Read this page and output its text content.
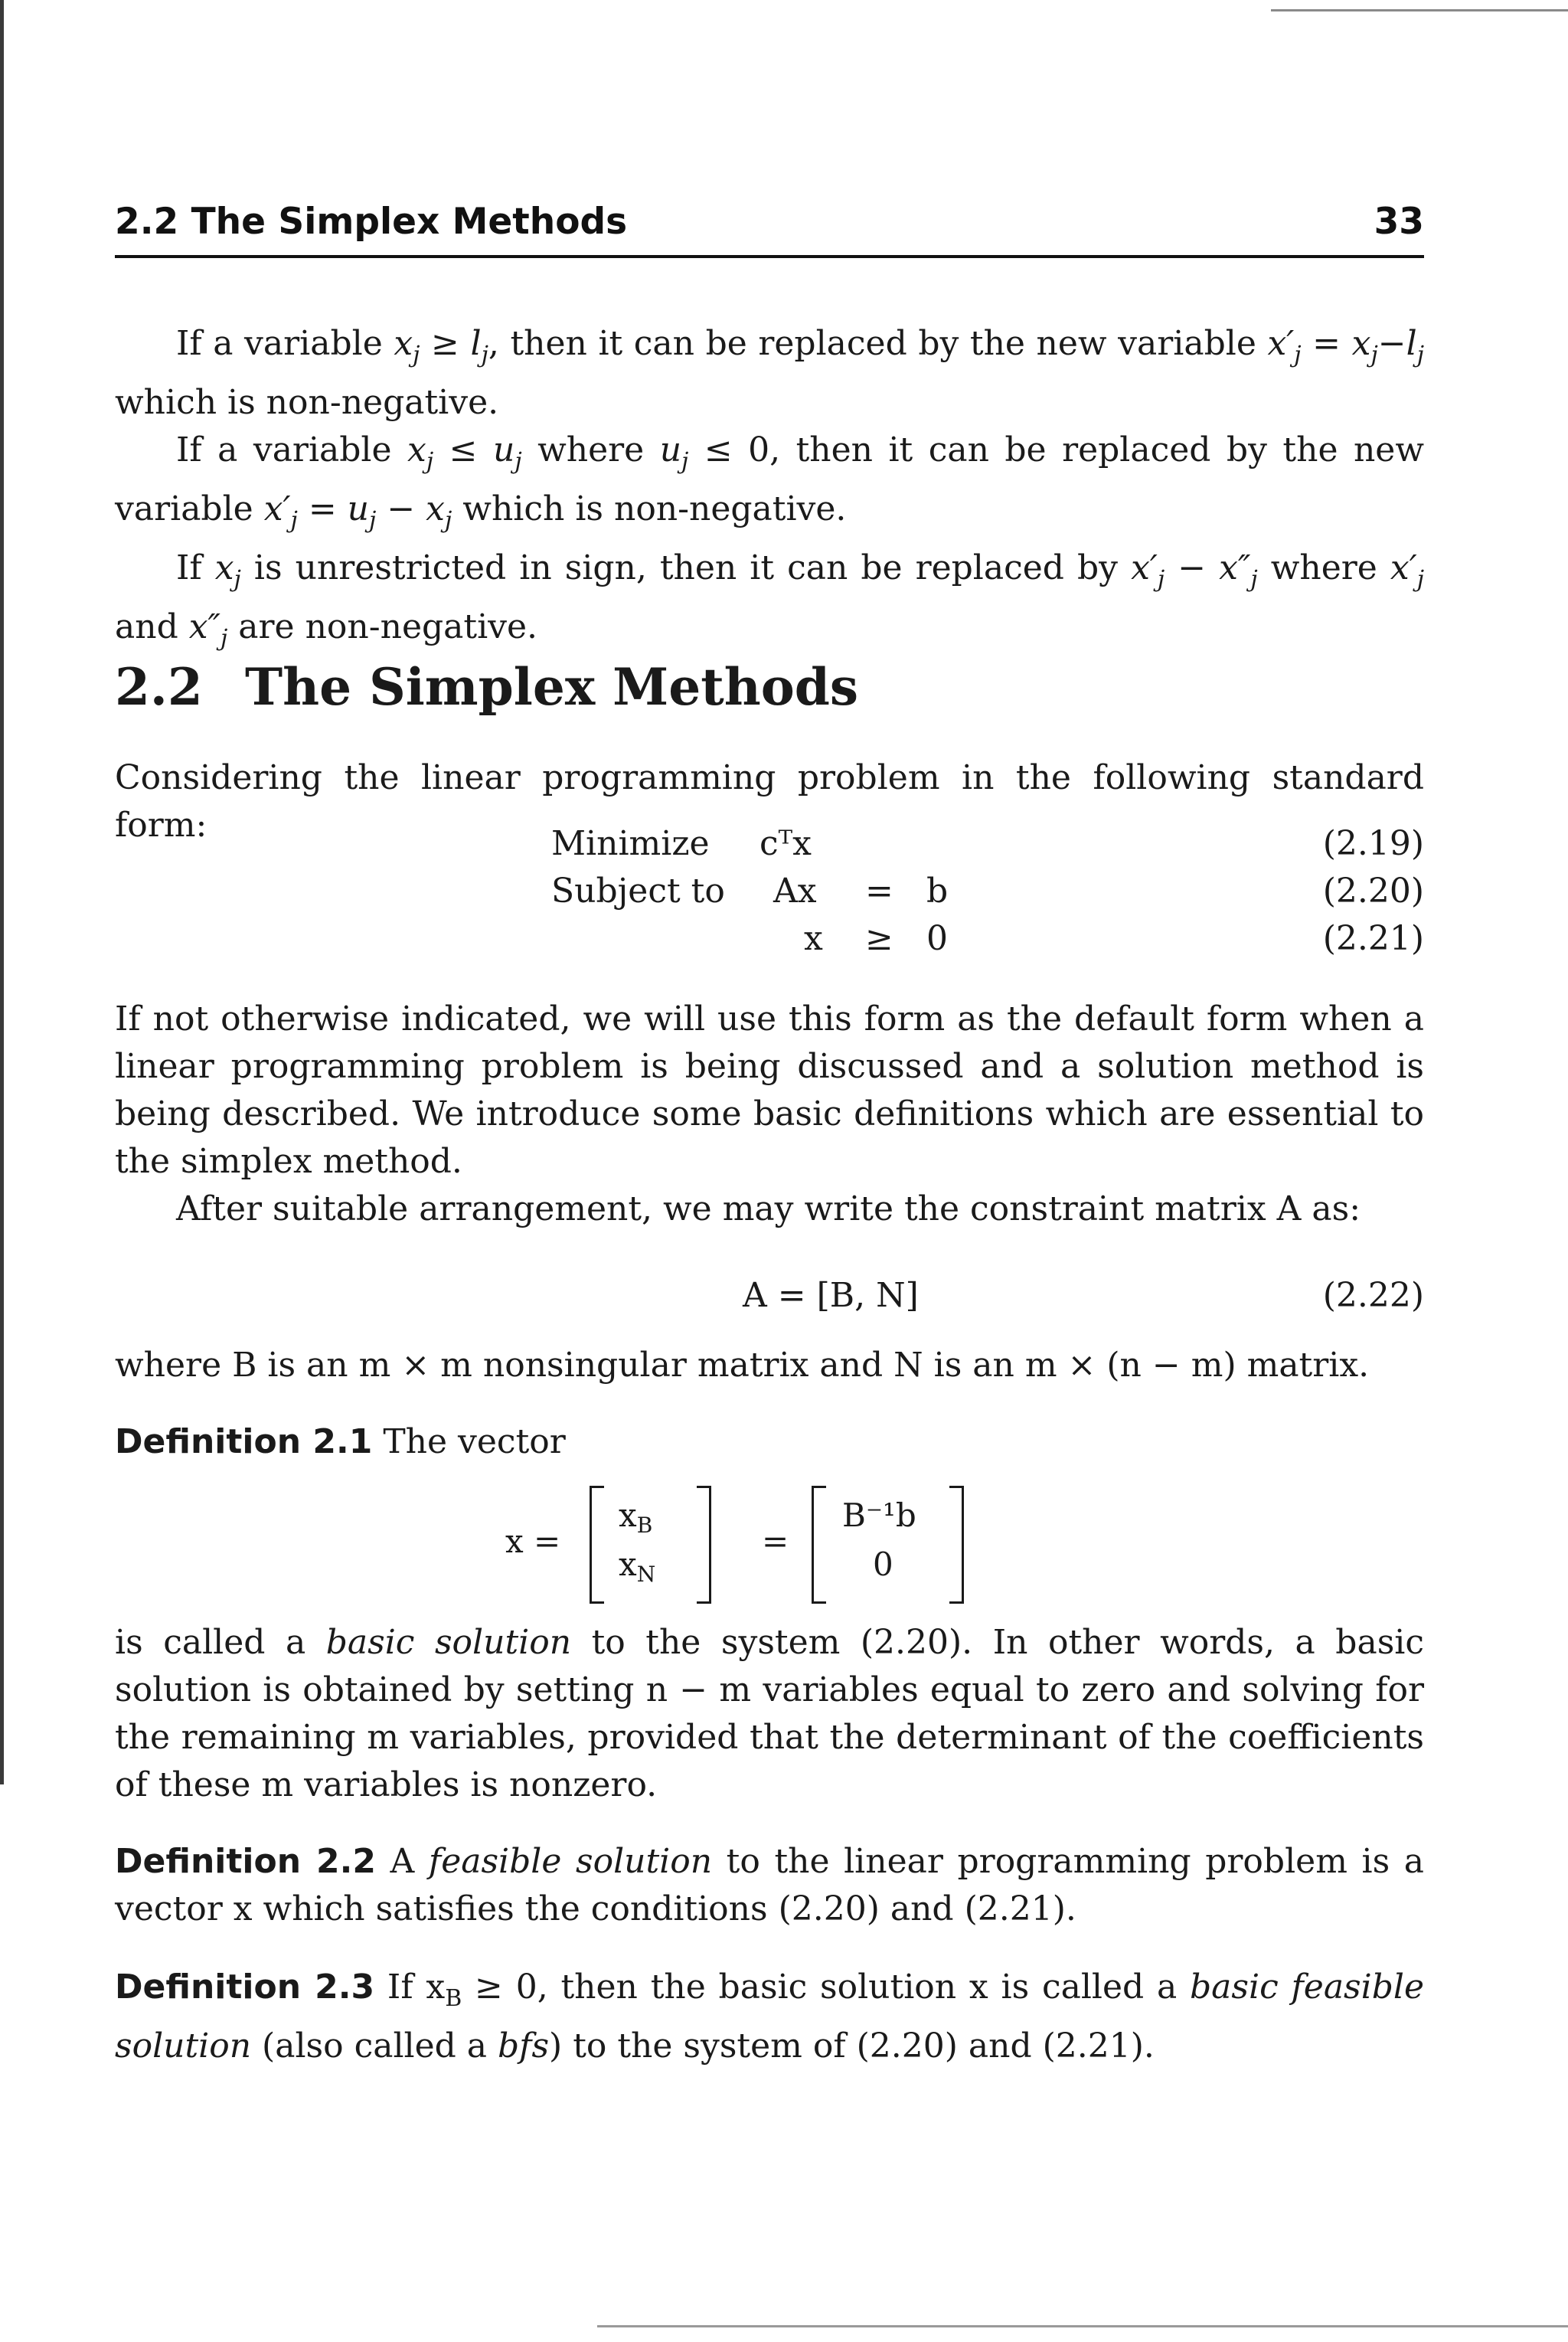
2.2 The Simplex Methods	33

If a variable $x_j \ge l_j$, then it can be replaced by the new variable $x'_j = x_j-l_j$ which is non-negative.

If a variable $x_j \le u_j$ where $u_j \le 0$, then it can be replaced by the new variable $x'_j = u_j - x_j$ which is non-negative.

If $x_j$ is unrestricted in sign, then it can be replaced by $x'_j - x''_j$ where $x'_j$ and $x''_j$ are non-negative.

2.2 The Simplex Methods

Considering the linear programming problem in the following standard form:	Minimize cᵀx	(2.19)
Subject to Ax = b	(2.20)
x ≥ 0	(2.21)

If not otherwise indicated, we will use this form as the default form when a linear programming problem is being discussed and a solution method is being described. We introduce some basic definitions which are essential to the simplex method.

After suitable arrangement, we may write the constraint matrix A as:

A = [B, N]	(2.22)

where B is an m × m nonsingular matrix and N is an m × (n − m) matrix.

Definition 2.1 The vector

x =
xB
xN
=
B⁻¹b
0

is called a basic solution to the system (2.20). In other words, a basic solution is obtained by setting n − m variables equal to zero and solving for the remaining m variables, provided that the determinant of the coefficients of these m variables is nonzero.

Definition 2.2 A feasible solution to the linear programming problem is a vector x which satisfies the conditions (2.20) and (2.21).

Definition 2.3 If $x_B \ge 0$, then the basic solution x is called a basic feasible solution (also called a bfs) to the system of (2.20) and (2.21).
